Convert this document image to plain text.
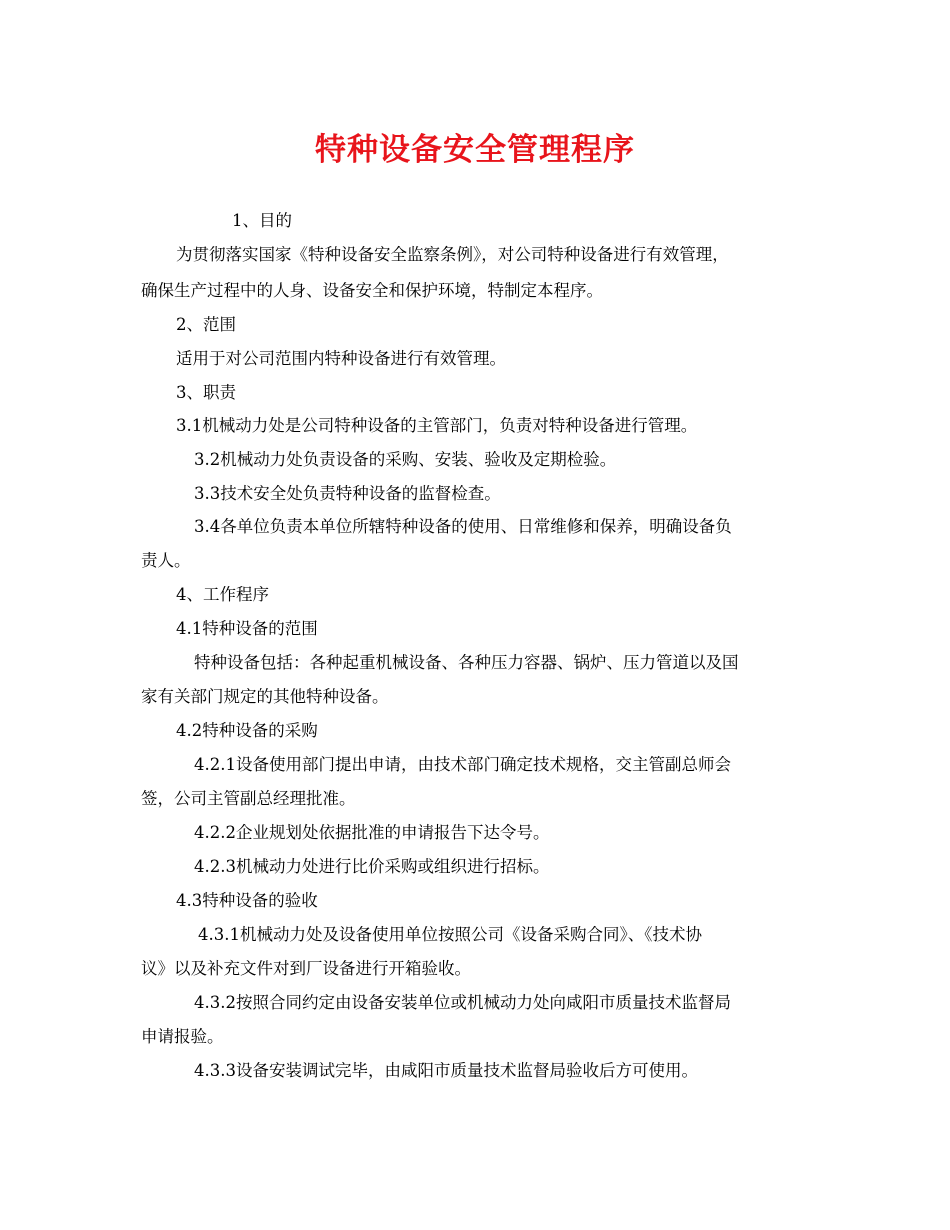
特种设备安全管理程序

1、目的

为贯彻落实国家《特种设备安全监察条例》，对公司特种设备进行有效管理，

确保生产过程中的人身、设备安全和保护环境，特制定本程序。

2、范围

适用于对公司范围内特种设备进行有效管理。

3、职责

3.1机械动力处是公司特种设备的主管部门，负责对特种设备进行管理。

3.2机械动力处负责设备的采购、安装、验收及定期检验。

3.3技术安全处负责特种设备的监督检查。

3.4各单位负责本单位所辖特种设备的使用、日常维修和保养，明确设备负

责人。

4、工作程序

4.1特种设备的范围

特种设备包括：各种起重机械设备、各种压力容器、锅炉、压力管道以及国

家有关部门规定的其他特种设备。

4.2特种设备的采购

4.2.1设备使用部门提出申请，由技术部门确定技术规格，交主管副总师会

签，公司主管副总经理批准。

4.2.2企业规划处依据批准的申请报告下达令号。

4.2.3机械动力处进行比价采购或组织进行招标。

4.3特种设备的验收

4.3.1机械动力处及设备使用单位按照公司《设备采购合同》、《技术协

议》以及补充文件对到厂设备进行开箱验收。

4.3.2按照合同约定由设备安装单位或机械动力处向咸阳市质量技术监督局

申请报验。

4.3.3设备安装调试完毕，由咸阳市质量技术监督局验收后方可使用。
